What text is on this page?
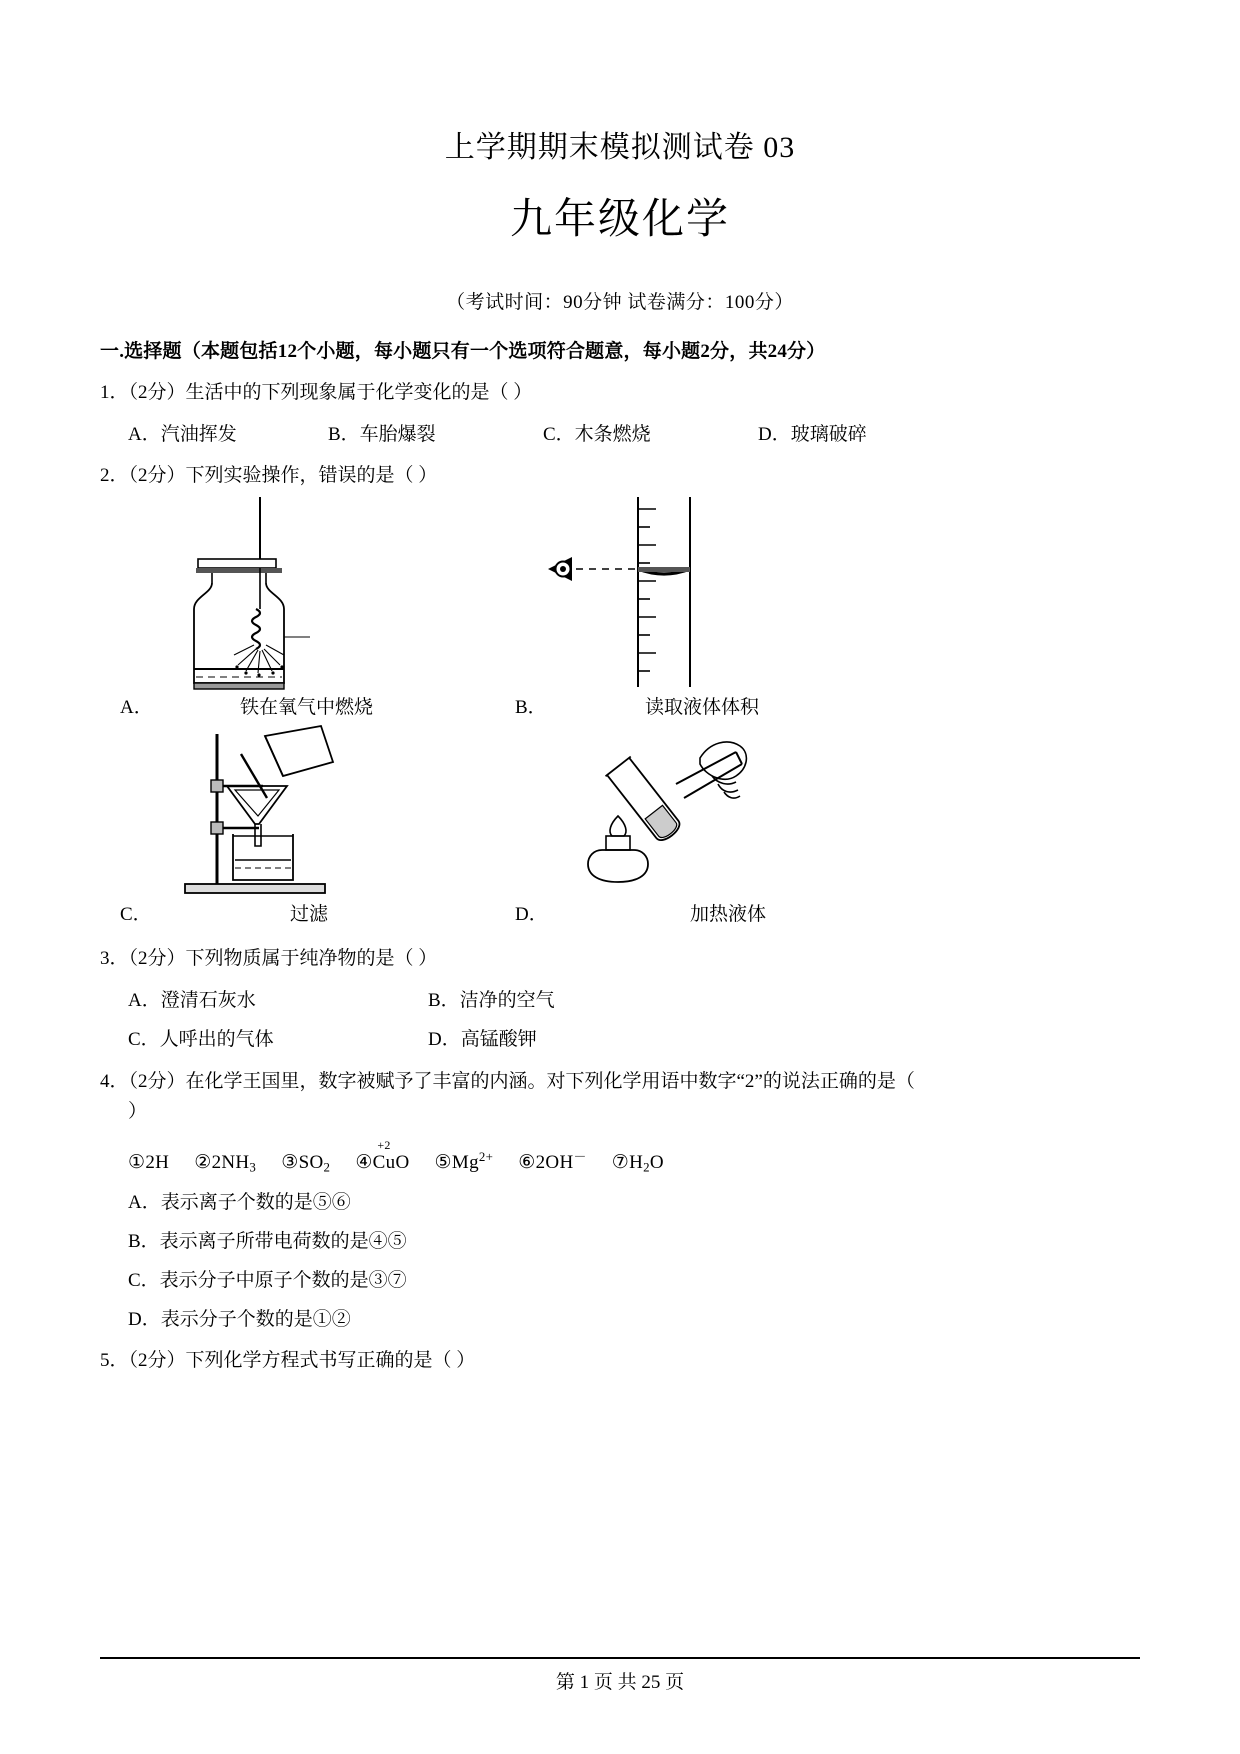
上学期期末模拟测试卷 03
九年级化学
（考试时间：90分钟 试卷满分：100分）
一.选择题（本题包括12个小题，每小题只有一个选项符合题意，每小题2分，共24分）
1．（2分）生活中的下列现象属于化学变化的是（ ）
A．汽油挥发	B．车胎爆裂	C．木条燃烧	D．玻璃破碎
2．（2分）下列实验操作，错误的是（ ）
A．	铁在氧气中燃烧	B．	读取液体体积
C．	过滤	D．	加热液体
3．（2分）下列物质属于纯净物的是（ ）
A．澄清石灰水	B．洁净的空气
C．人呼出的气体	D．高锰酸钾
4．（2分）在化学王国里，数字被赋予了丰富的内涵。对下列化学用语中数字“2”的说法正确的是（
）
①2H $②2NH_3$ $③SO_2$ ④
+2
CuO $⑤Mg^{2+}$ ⑥2OH－ $⑦H_2O$
A．表示离子个数的是⑤⑥
B．表示离子所带电荷数的是④⑤
C．表示分子中原子个数的是③⑦
D．表示分子个数的是①②
5．（2分）下列化学方程式书写正确的是（ ）
第 1 页 共 25 页
